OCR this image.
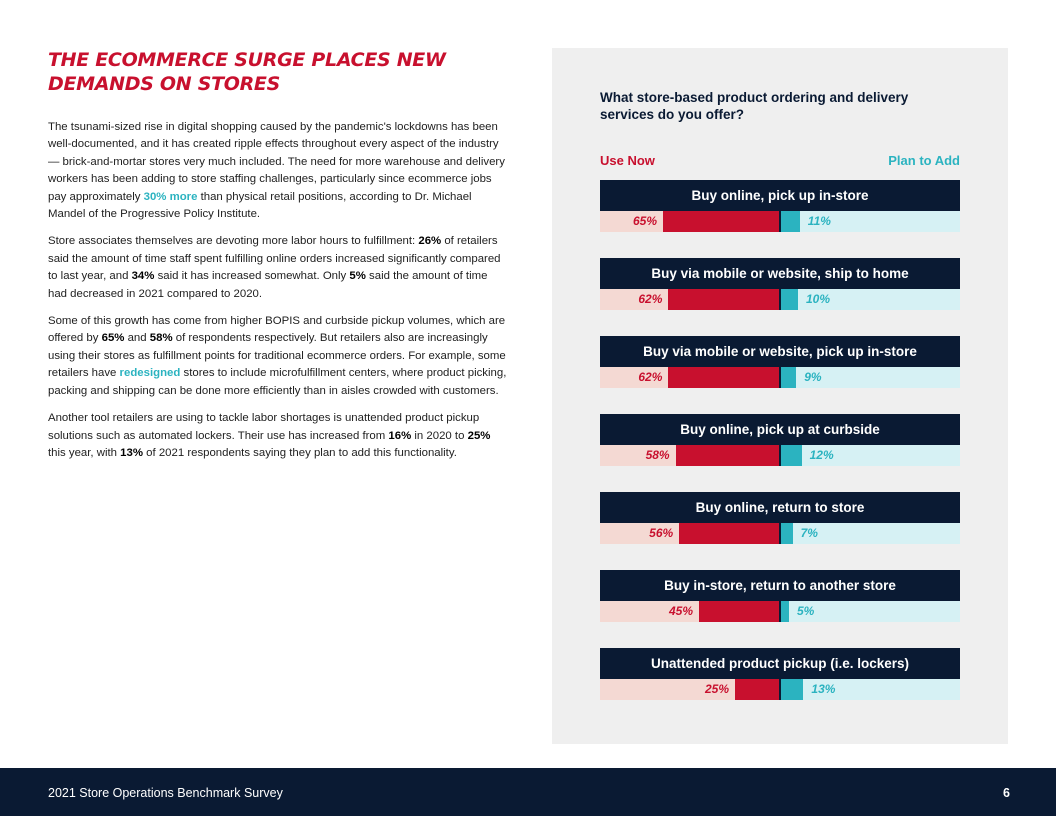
THE ECOMMERCE SURGE PLACES NEW DEMANDS ON STORES

The tsunami-sized rise in digital shopping caused by the pandemic's lockdowns has been well-documented, and it has created ripple effects throughout every aspect of the industry — brick-and-mortar stores very much included. The need for more warehouse and delivery workers has been adding to store staffing challenges, particularly since ecommerce jobs pay approximately 30% more than physical retail positions, according to Dr. Michael Mandel of the Progressive Policy Institute.

Store associates themselves are devoting more labor hours to fulfillment: 26% of retailers said the amount of time staff spent fulfilling online orders increased significantly compared to last year, and 34% said it has increased somewhat. Only 5% said the amount of time had decreased in 2021 compared to 2020.

Some of this growth has come from higher BOPIS and curbside pickup volumes, which are offered by 65% and 58% of respondents respectively. But retailers also are increasingly using their stores as fulfillment points for traditional ecommerce orders. For example, some retailers have redesigned stores to include microfulfillment centers, where product picking, packing and shipping can be done more efficiently than in aisles crowded with customers.

Another tool retailers are using to tackle labor shortages is unattended product pickup solutions such as automated lockers. Their use has increased from 16% in 2020 to 25% this year, with 13% of 2021 respondents saying they plan to add this functionality.

What store-based product ordering and delivery services do you offer?
Use Now	Plan to Add
Buy online, pick up in-store
65%	11%
Buy via mobile or website, ship to home
62%	10%
Buy via mobile or website, pick up in-store
62%	9%
Buy online, pick up at curbside
58%	12%
Buy online, return to store
56%	7%
Buy in-store, return to another store
45%	5%
Unattended product pickup (i.e. lockers)
25%	13%
2021 Store Operations Benchmark Survey	6
